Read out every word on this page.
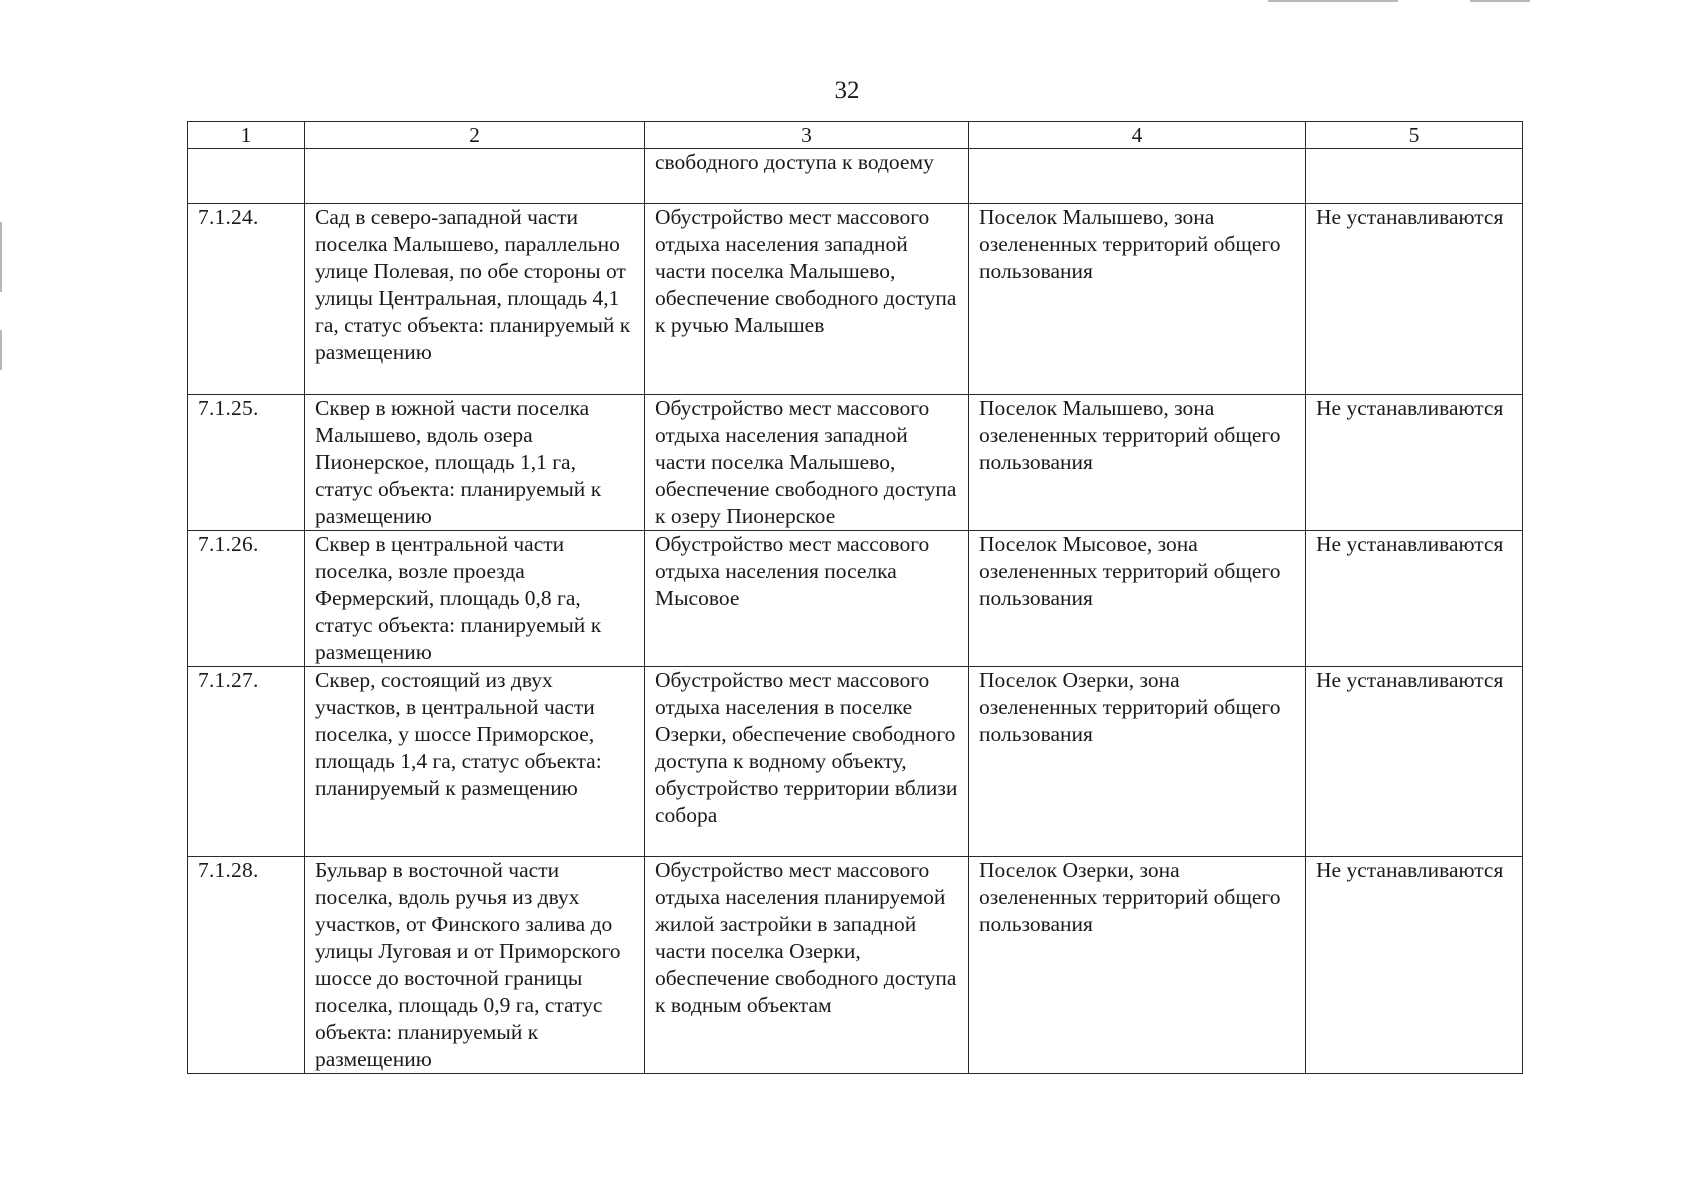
32
1	2	3	4	5
		свободного доступа к водоему		
7.1.24.	Сад в северо-западной части поселка Малышево, параллельно улице Полевая, по обе стороны от улицы Центральная, площадь 4,1 га, статус объекта: планируемый к размещению	Обустройство мест массового отдыха населения западной части поселка Малышево, обеспечение свободного доступа к ручью Малышев	Поселок Малышево, зона озелененных территорий общего пользования	Не устанавливаются
7.1.25.	Сквер в южной части поселка Малышево, вдоль озера Пионерское, площадь 1,1 га, статус объекта: планируемый к размещению	Обустройство мест массового отдыха населения западной части поселка Малышево, обеспечение свободного доступа к озеру Пионерское	Поселок Малышево, зона озелененных территорий общего пользования	Не устанавливаются
7.1.26.	Сквер в центральной части поселка, возле проезда Фермерский, площадь 0,8 га, статус объекта: планируемый к размещению	Обустройство мест массового отдыха населения поселка Мысовое	Поселок Мысовое, зона озелененных территорий общего пользования	Не устанавливаются
7.1.27.	Сквер, состоящий из двух участков, в центральной части поселка, у шоссе Приморское, площадь 1,4 га, статус объекта: планируемый к размещению	Обустройство мест массового отдыха населения в поселке Озерки, обеспечение свободного доступа к водному объекту, обустройство территории вблизи собора	Поселок Озерки, зона озелененных территорий общего пользования	Не устанавливаются
7.1.28.	Бульвар в восточной части поселка, вдоль ручья из двух участков, от Финского залива до улицы Луговая и от Приморского шоссе до восточной границы поселка, площадь 0,9 га, статус объекта: планируемый к размещению	Обустройство мест массового отдыха населения планируемой жилой застройки в западной части поселка Озерки, обеспечение свободного доступа к водным объектам	Поселок Озерки, зона озелененных территорий общего пользования	Не устанавливаются
